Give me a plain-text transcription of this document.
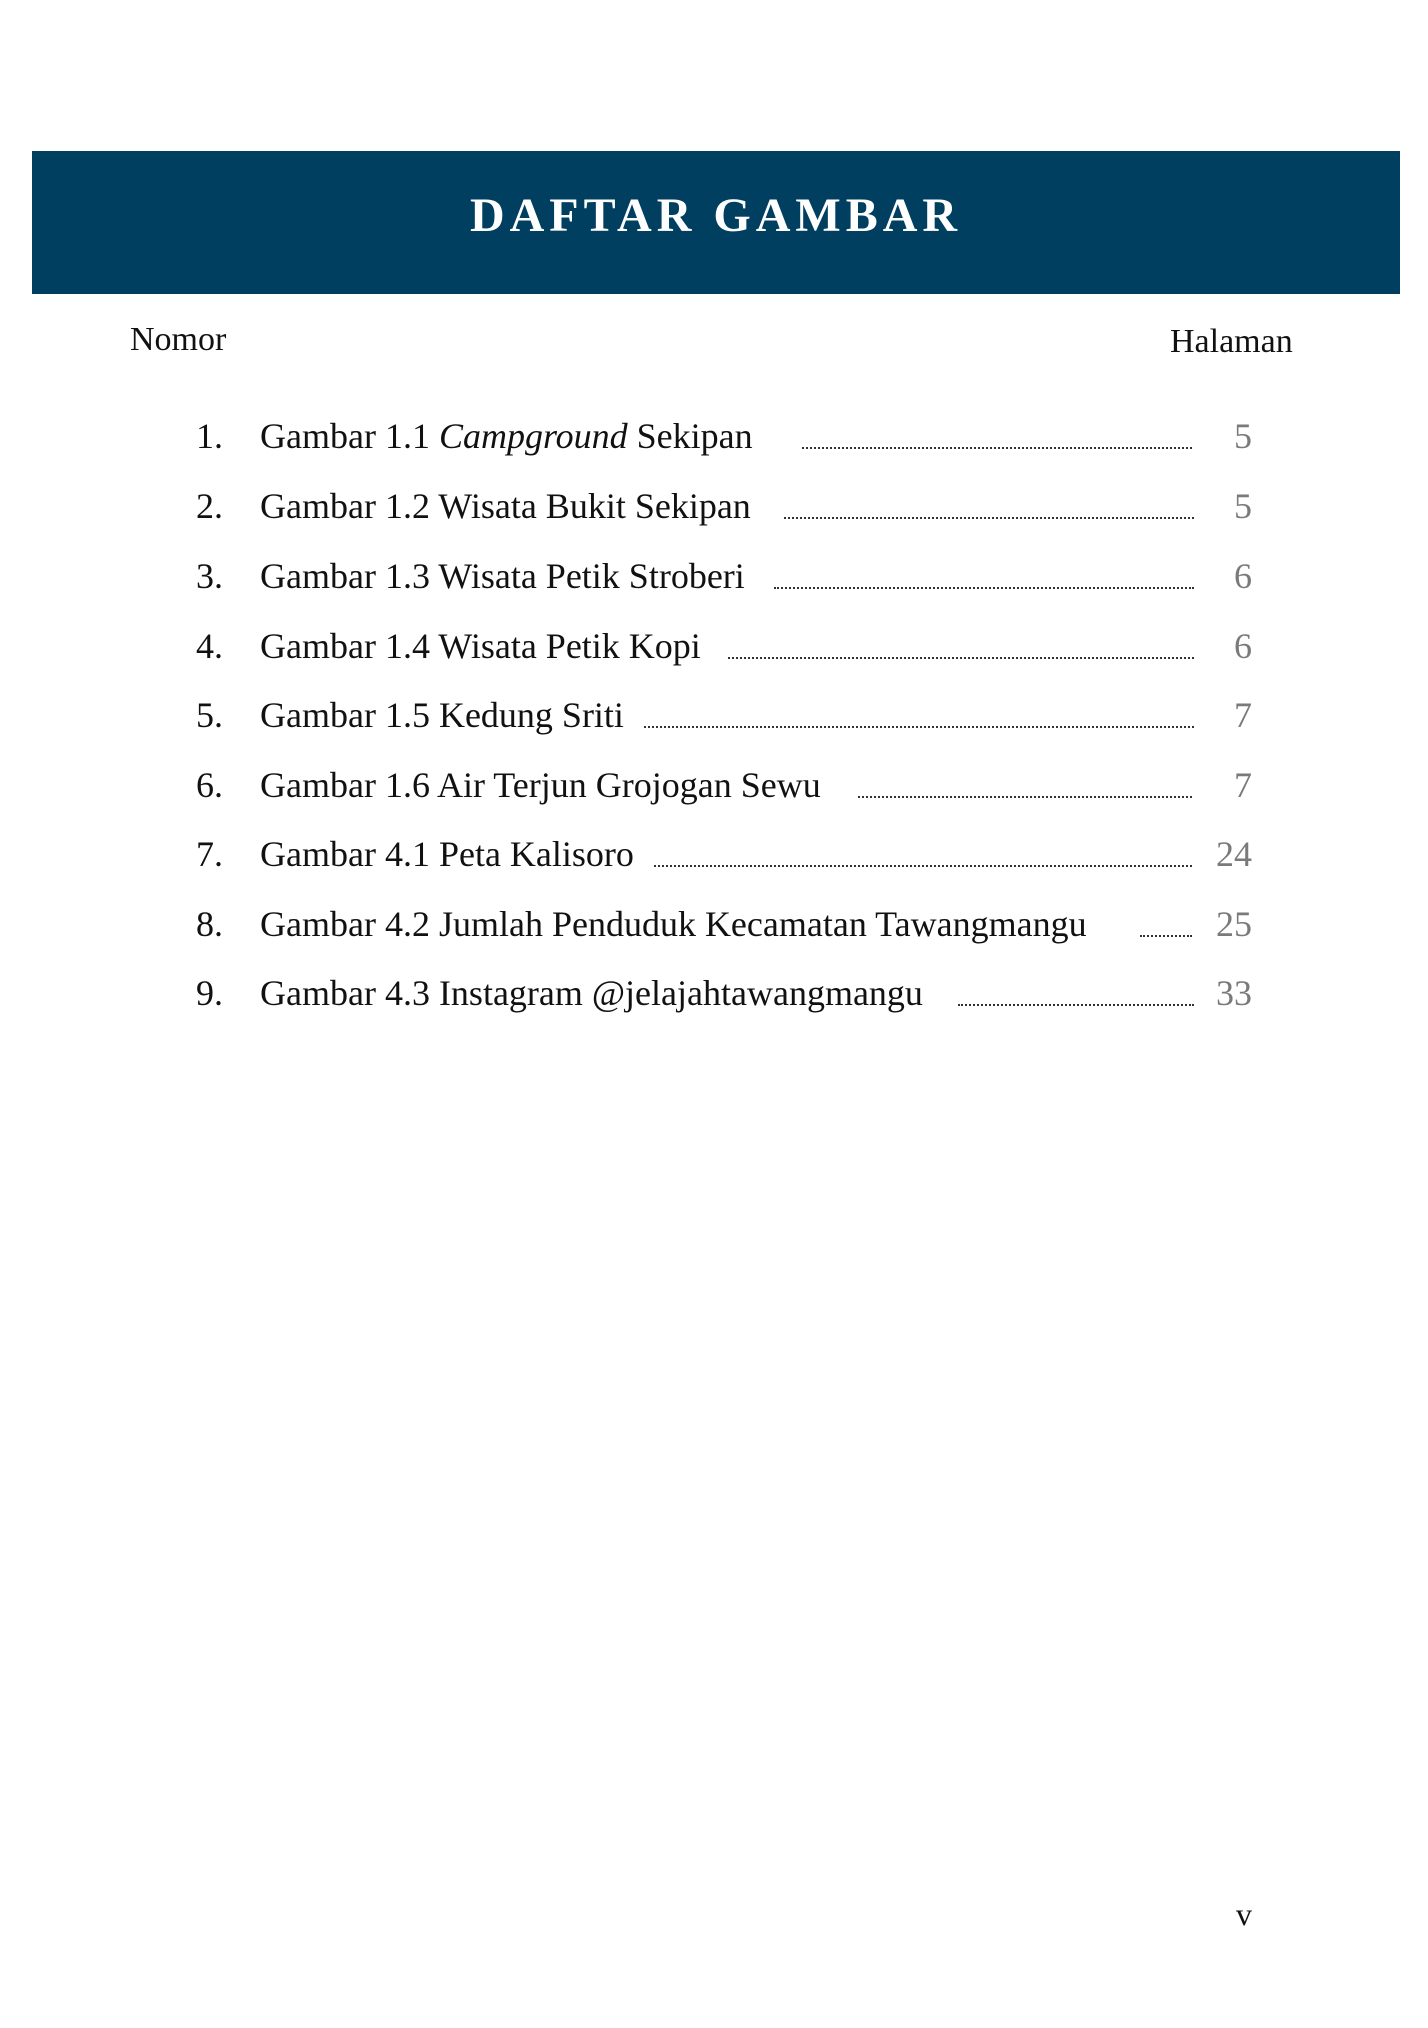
DAFTAR GAMBAR
Nomor	Halaman
1. Gambar 1.1 Campground Sekipan	5
2. Gambar 1.2 Wisata Bukit Sekipan	5
3. Gambar 1.3 Wisata Petik Stroberi	6
4. Gambar 1.4 Wisata Petik Kopi	6
5. Gambar 1.5 Kedung Sriti	7
6. Gambar 1.6 Air Terjun Grojogan Sewu	7
7. Gambar 4.1 Peta Kalisoro	24
8. Gambar 4.2 Jumlah Penduduk Kecamatan Tawangmangu	25
9. Gambar 4.3 Instagram @jelajahtawangmangu	33
v
